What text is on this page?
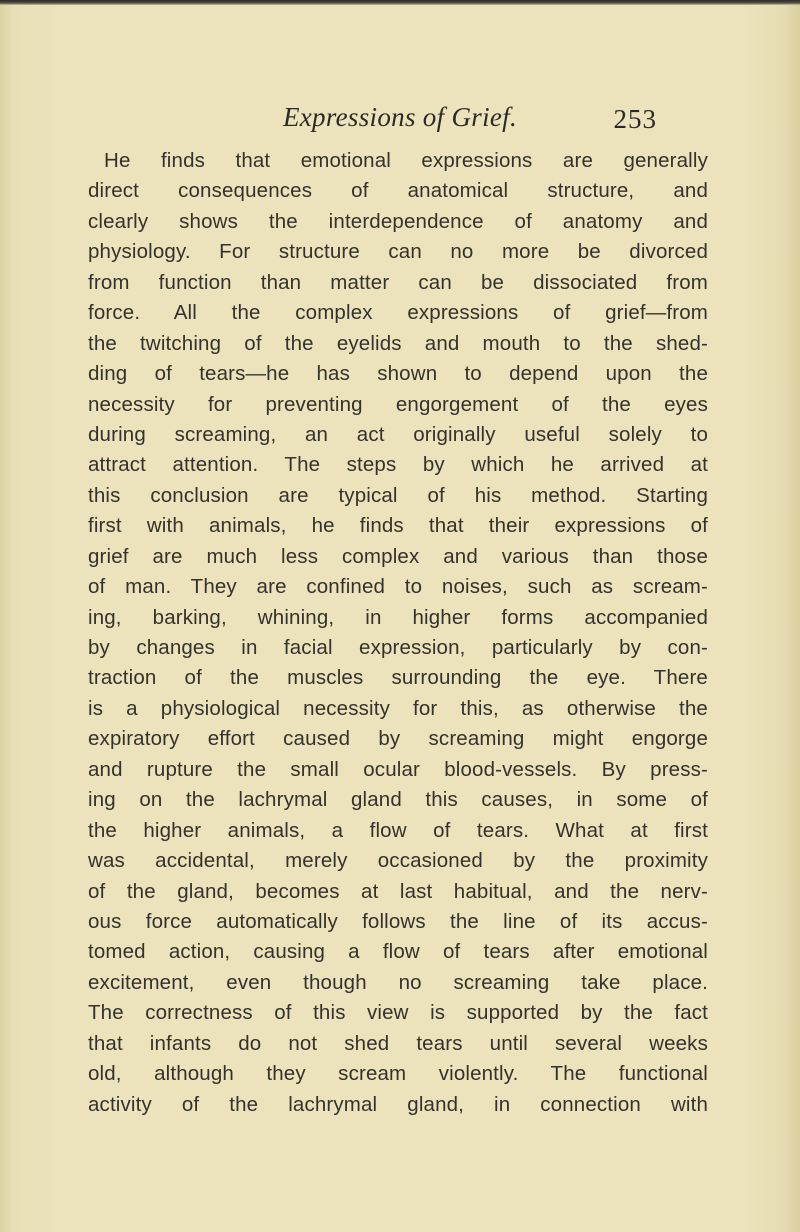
Expressions of Grief.	253
He finds that emotional expressions are generally
direct consequences of anatomical structure, and
clearly shows the interdependence of anatomy and
physiology. For structure can no more be divorced
from function than matter can be dissociated from
force. All the complex expressions of grief—from
the twitching of the eyelids and mouth to the shed-
ding of tears—he has shown to depend upon the
necessity for preventing engorgement of the eyes
during screaming, an act originally useful solely to
attract attention. The steps by which he arrived at
this conclusion are typical of his method. Starting
first with animals, he finds that their expressions of
grief are much less complex and various than those
of man. They are confined to noises, such as scream-
ing, barking, whining, in higher forms accompanied
by changes in facial expression, particularly by con-
traction of the muscles surrounding the eye. There
is a physiological necessity for this, as otherwise the
expiratory effort caused by screaming might engorge
and rupture the small ocular blood-vessels. By press-
ing on the lachrymal gland this causes, in some of
the higher animals, a flow of tears. What at first
was accidental, merely occasioned by the proximity
of the gland, becomes at last habitual, and the nerv-
ous force automatically follows the line of its accus-
tomed action, causing a flow of tears after emotional
excitement, even though no screaming take place.
The correctness of this view is supported by the fact
that infants do not shed tears until several weeks
old, although they scream violently. The functional
activity of the lachrymal gland, in connection with
